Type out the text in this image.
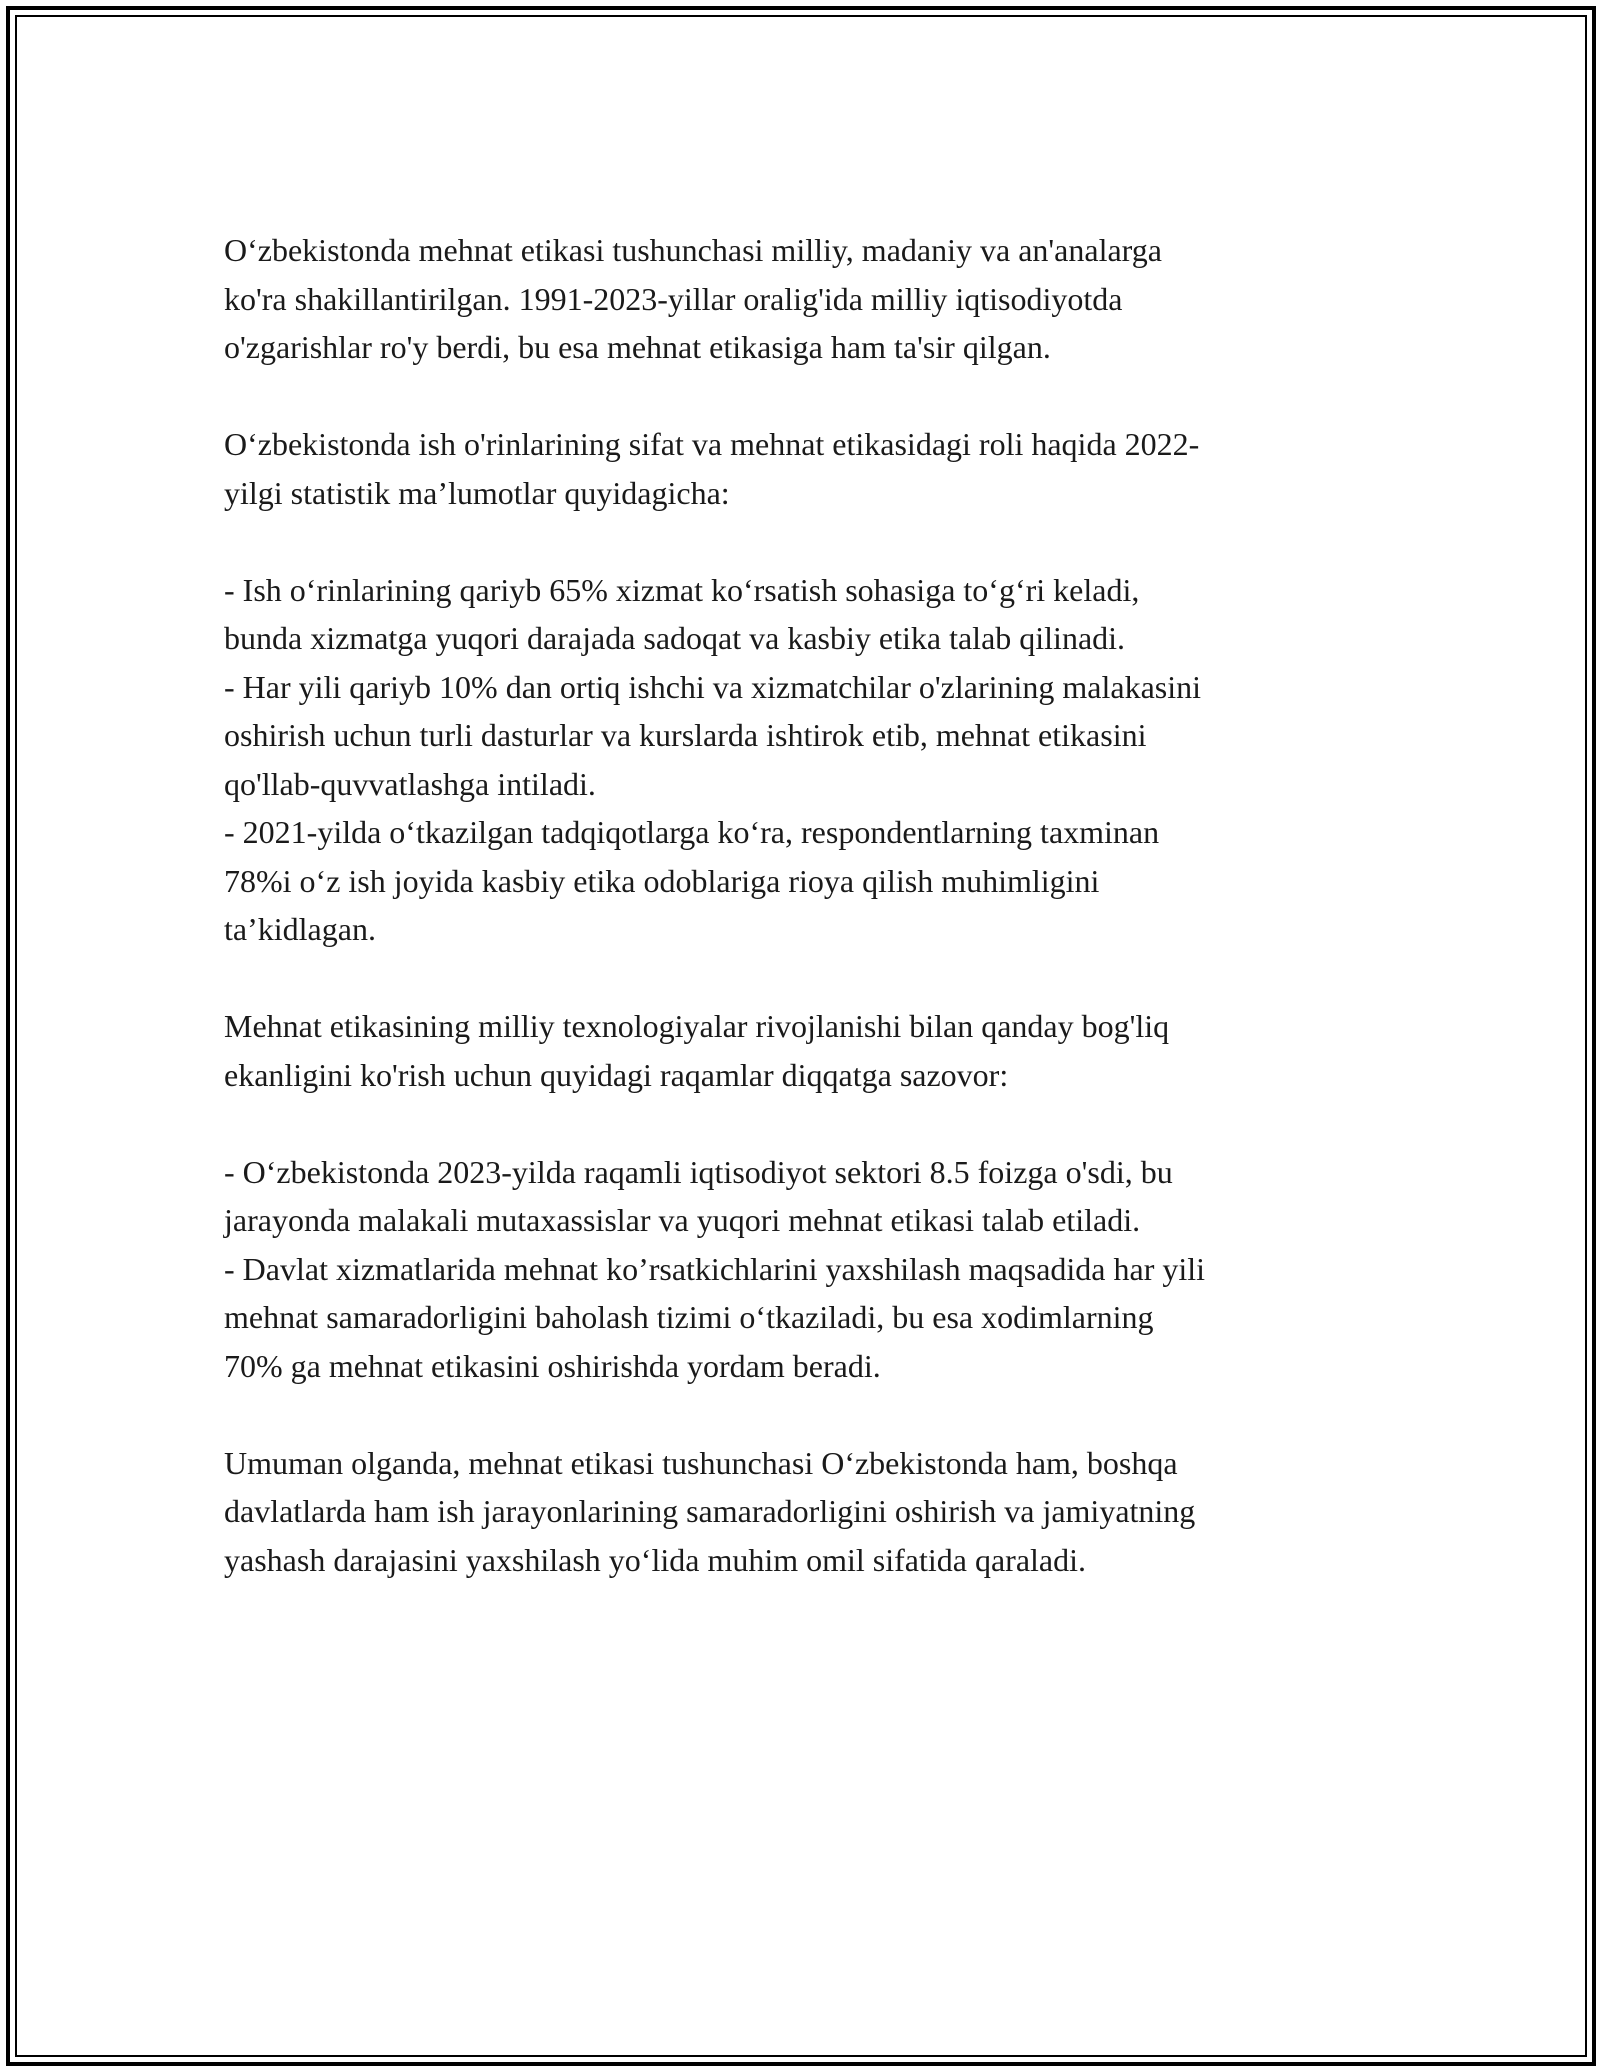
O‘zbekistonda mehnat etikasi tushunchasi milliy, madaniy va an'analarga
ko'ra shakillantirilgan. 1991-2023-yillar oralig'ida milliy iqtisodiyotda
o'zgarishlar ro'y berdi, bu esa mehnat etikasiga ham ta'sir qilgan.

O‘zbekistonda ish o'rinlarining sifat va mehnat etikasidagi roli haqida 2022-
yilgi statistik ma’lumotlar quyidagicha:

- Ish o‘rinlarining qariyb 65% xizmat ko‘rsatish sohasiga to‘g‘ri keladi,
bunda xizmatga yuqori darajada sadoqat va kasbiy etika talab qilinadi.
- Har yili qariyb 10% dan ortiq ishchi va xizmatchilar o'zlarining malakasini
oshirish uchun turli dasturlar va kurslarda ishtirok etib, mehnat etikasini
qo'llab-quvvatlashga intiladi.
- 2021-yilda o‘tkazilgan tadqiqotlarga ko‘ra, respondentlarning taxminan
78%i o‘z ish joyida kasbiy etika odoblariga rioya qilish muhimligini
ta’kidlagan.

Mehnat etikasining milliy texnologiyalar rivojlanishi bilan qanday bog'liq
ekanligini ko'rish uchun quyidagi raqamlar diqqatga sazovor:

- O‘zbekistonda 2023-yilda raqamli iqtisodiyot sektori 8.5 foizga o'sdi, bu
jarayonda malakali mutaxassislar va yuqori mehnat etikasi talab etiladi.
- Davlat xizmatlarida mehnat ko’rsatkichlarini yaxshilash maqsadida har yili
mehnat samaradorligini baholash tizimi o‘tkaziladi, bu esa xodimlarning
70% ga mehnat etikasini oshirishda yordam beradi.

Umuman olganda, mehnat etikasi tushunchasi O‘zbekistonda ham, boshqa
davlatlarda ham ish jarayonlarining samaradorligini oshirish va jamiyatning
yashash darajasini yaxshilash yo‘lida muhim omil sifatida qaraladi.
